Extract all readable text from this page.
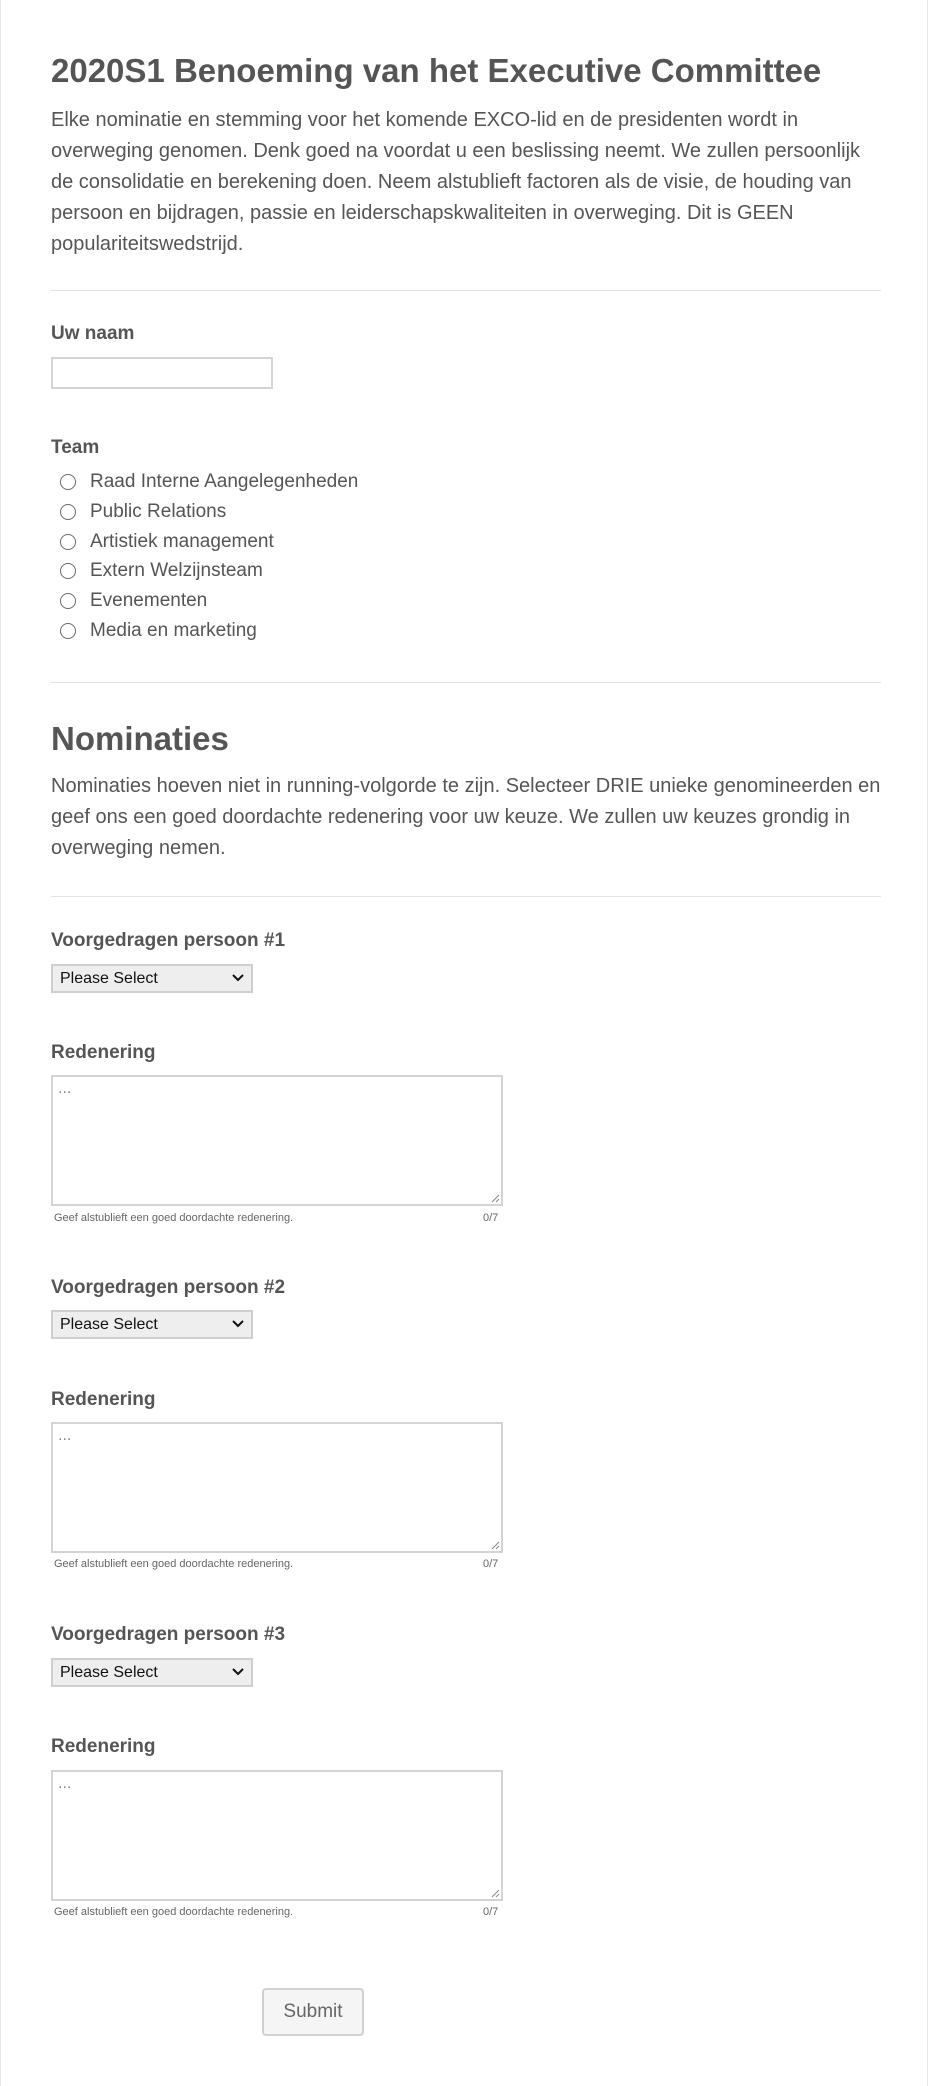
2020S1 Benoeming van het Executive Committee

Elke nominatie en stemming voor het komende EXCO-lid en de presidenten wordt in overweging genomen. Denk goed na voordat u een beslissing neemt. We zullen persoonlijk de consolidatie en berekening doen. Neem alstublieft factoren als de visie, de houding van persoon en bijdragen, passie en leiderschapskwaliteiten in overweging. Dit is GEEN populariteitswedstrijd.

Uw naam
Team
Raad Interne Aangelegenheden
Public Relations
Artistiek management
Extern Welzijnsteam
Evenementen
Media en marketing
Nominaties

Nominaties hoeven niet in running-volgorde te zijn. Selecteer DRIE unieke genomineerden en geef ons een goed doordachte redenering voor uw keuze. We zullen uw keuzes grondig in overweging nemen.

Voorgedragen persoon #1
Please Select
Redenering
...
Geef alstublieft een goed doordachte redenering.	0/7
Voorgedragen persoon #2
Please Select
Redenering
...
Geef alstublieft een goed doordachte redenering.	0/7
Voorgedragen persoon #3
Please Select
Redenering
...
Geef alstublieft een goed doordachte redenering.	0/7
Submit
